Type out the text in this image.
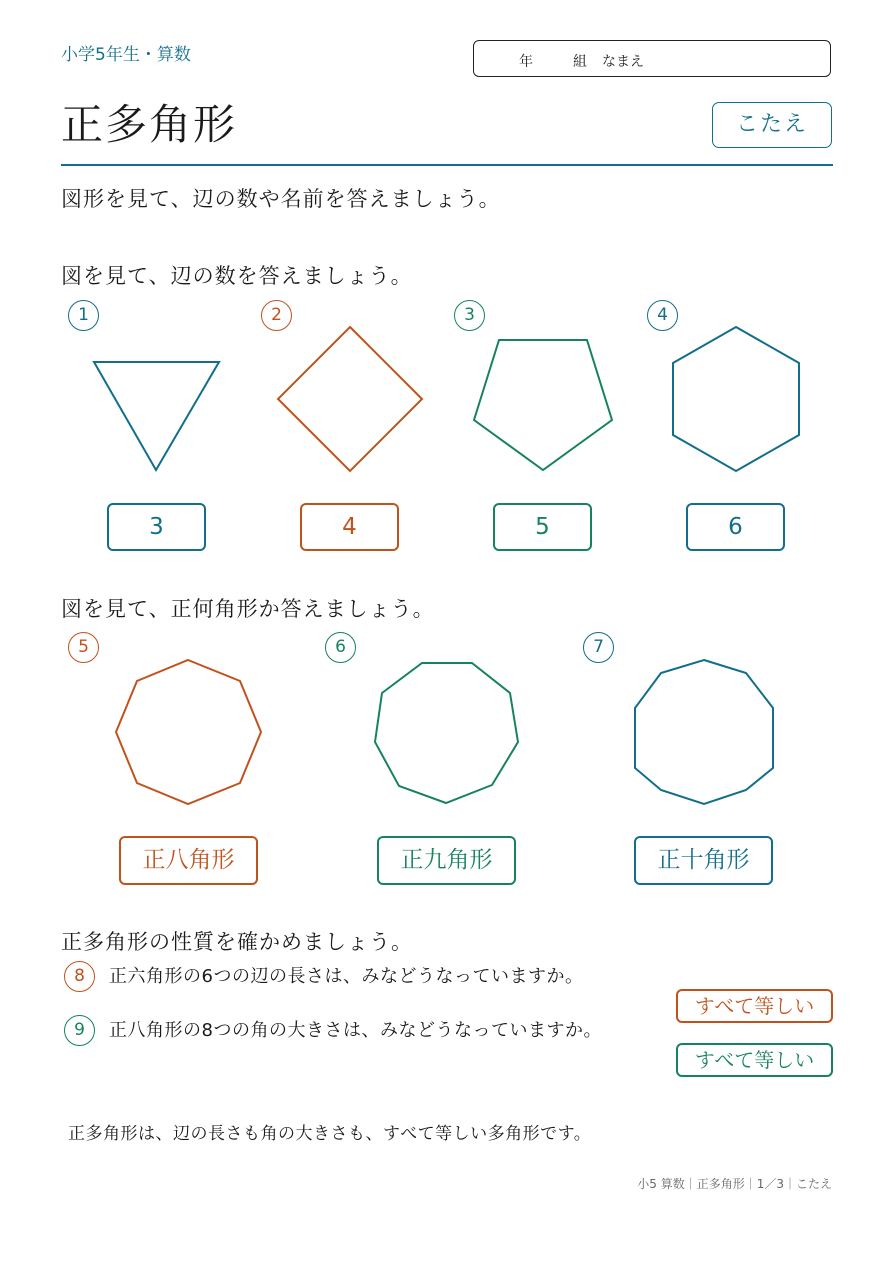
小学5年生・算数	年	組 なまえ
正多角形	こたえ
図形を見て、辺の数や名前を答えましょう。
図を見て、辺の数を答えましょう。
1	2	3	4
3	4	5	6
図を見て、正何角形か答えましょう。
5	6	7
正八角形	正九角形	正十角形
正多角形の性質を確かめましょう。
8	正六角形の6つの辺の長さは、みなどうなっていますか。
すべて等しい
9	正八角形の8つの角の大きさは、みなどうなっていますか。
すべて等しい
正多角形は、辺の長さも角の大きさも、すべて等しい多角形です。
小5 算数｜正多角形｜1／3｜こたえ
